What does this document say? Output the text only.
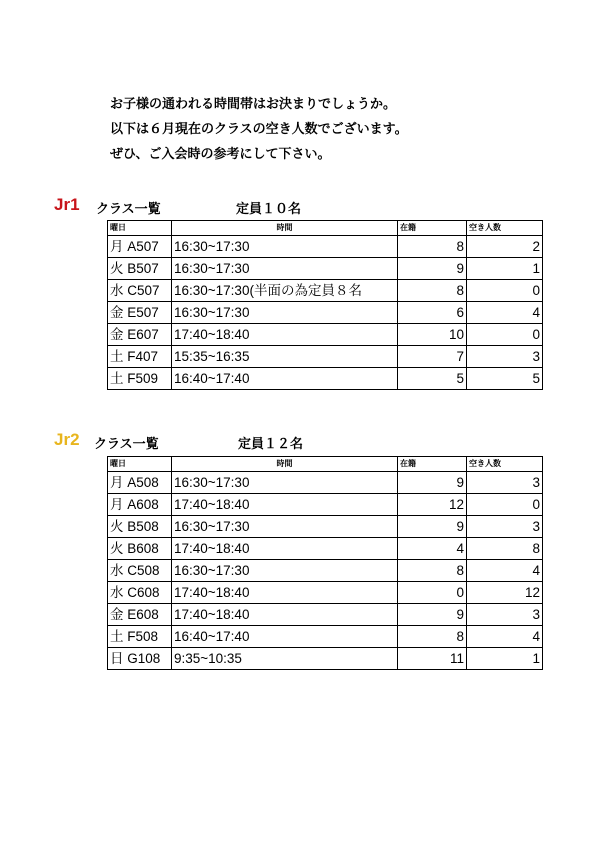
お子様の通われる時間帯はお決まりでしょうか。

以下は６月現在のクラスの空き人数でございます。

ぜひ、ご入会時の参考にして下さい。

Jr1 クラス一覧	定員１０名
曜日	時間	在籍	空き人数
月 A507	16:30~17:30	8	2
火 B507	16:30~17:30	9	1
水 C507	16:30~17:30(半面の為定員８名	8	0
金 E507	16:30~17:30	6	4
金 E607	17:40~18:40	10	0
土 F407	15:35~16:35	7	3
土 F509	16:40~17:40	5	5
Jr2 クラス一覧	定員１２名
曜日	時間	在籍	空き人数
月 A508	16:30~17:30	9	3
月 A608	17:40~18:40	12	0
火 B508	16:30~17:30	9	3
火 B608	17:40~18:40	4	8
水 C508	16:30~17:30	8	4
水 C608	17:40~18:40	0	12
金 E608	17:40~18:40	9	3
土 F508	16:40~17:40	8	4
日 G108	9:35~10:35	11	1
